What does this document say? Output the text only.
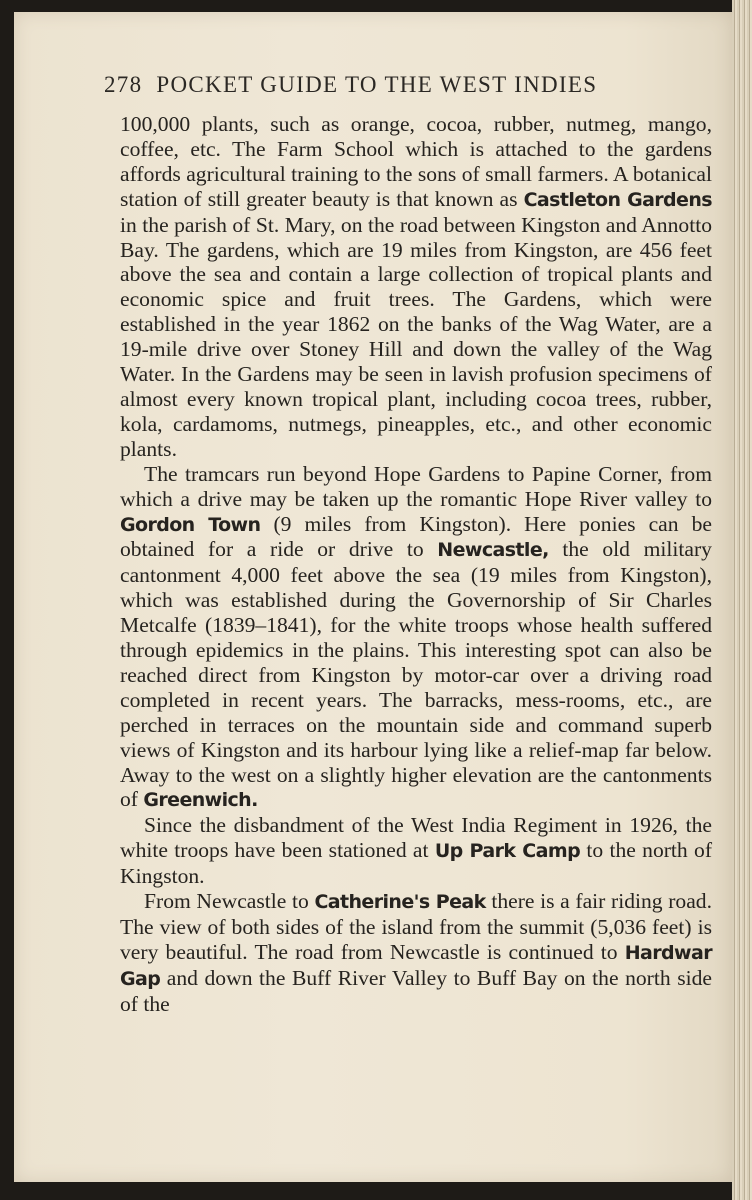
278 POCKET GUIDE TO THE WEST INDIES

100,000 plants, such as orange, cocoa, rubber, nutmeg, mango, coffee, etc. The Farm School which is attached to the gardens affords agricultural training to the sons of small farmers. A botanical station of still greater beauty is that known as Castleton Gardens in the parish of St. Mary, on the road between Kingston and Annotto Bay. The gardens, which are 19 miles from Kingston, are 456 feet above the sea and contain a large collection of tropical plants and economic spice and fruit trees. The Gardens, which were established in the year 1862 on the banks of the Wag Water, are a 19-mile drive over Stoney Hill and down the valley of the Wag Water. In the Gardens may be seen in lavish profusion specimens of almost every known tropical plant, including cocoa trees, rubber, kola, cardamoms, nutmegs, pineapples, etc., and other economic plants.

The tramcars run beyond Hope Gardens to Papine Corner, from which a drive may be taken up the romantic Hope River valley to Gordon Town (9 miles from Kingston). Here ponies can be obtained for a ride or drive to Newcastle, the old military cantonment 4,000 feet above the sea (19 miles from Kingston), which was established during the Governorship of Sir Charles Metcalfe (1839–1841), for the white troops whose health suffered through epidemics in the plains. This interesting spot can also be reached direct from Kingston by motor-car over a driving road completed in recent years. The barracks, mess-rooms, etc., are perched in terraces on the mountain side and command superb views of Kingston and its harbour lying like a relief-map far below. Away to the west on a slightly higher elevation are the cantonments of Greenwich.

Since the disbandment of the West India Regiment in 1926, the white troops have been stationed at Up Park Camp to the north of Kingston.

From Newcastle to Catherine's Peak there is a fair riding road. The view of both sides of the island from the summit (5,036 feet) is very beautiful. The road from Newcastle is continued to Hardwar Gap and down the Buff River Valley to Buff Bay on the north side of the
